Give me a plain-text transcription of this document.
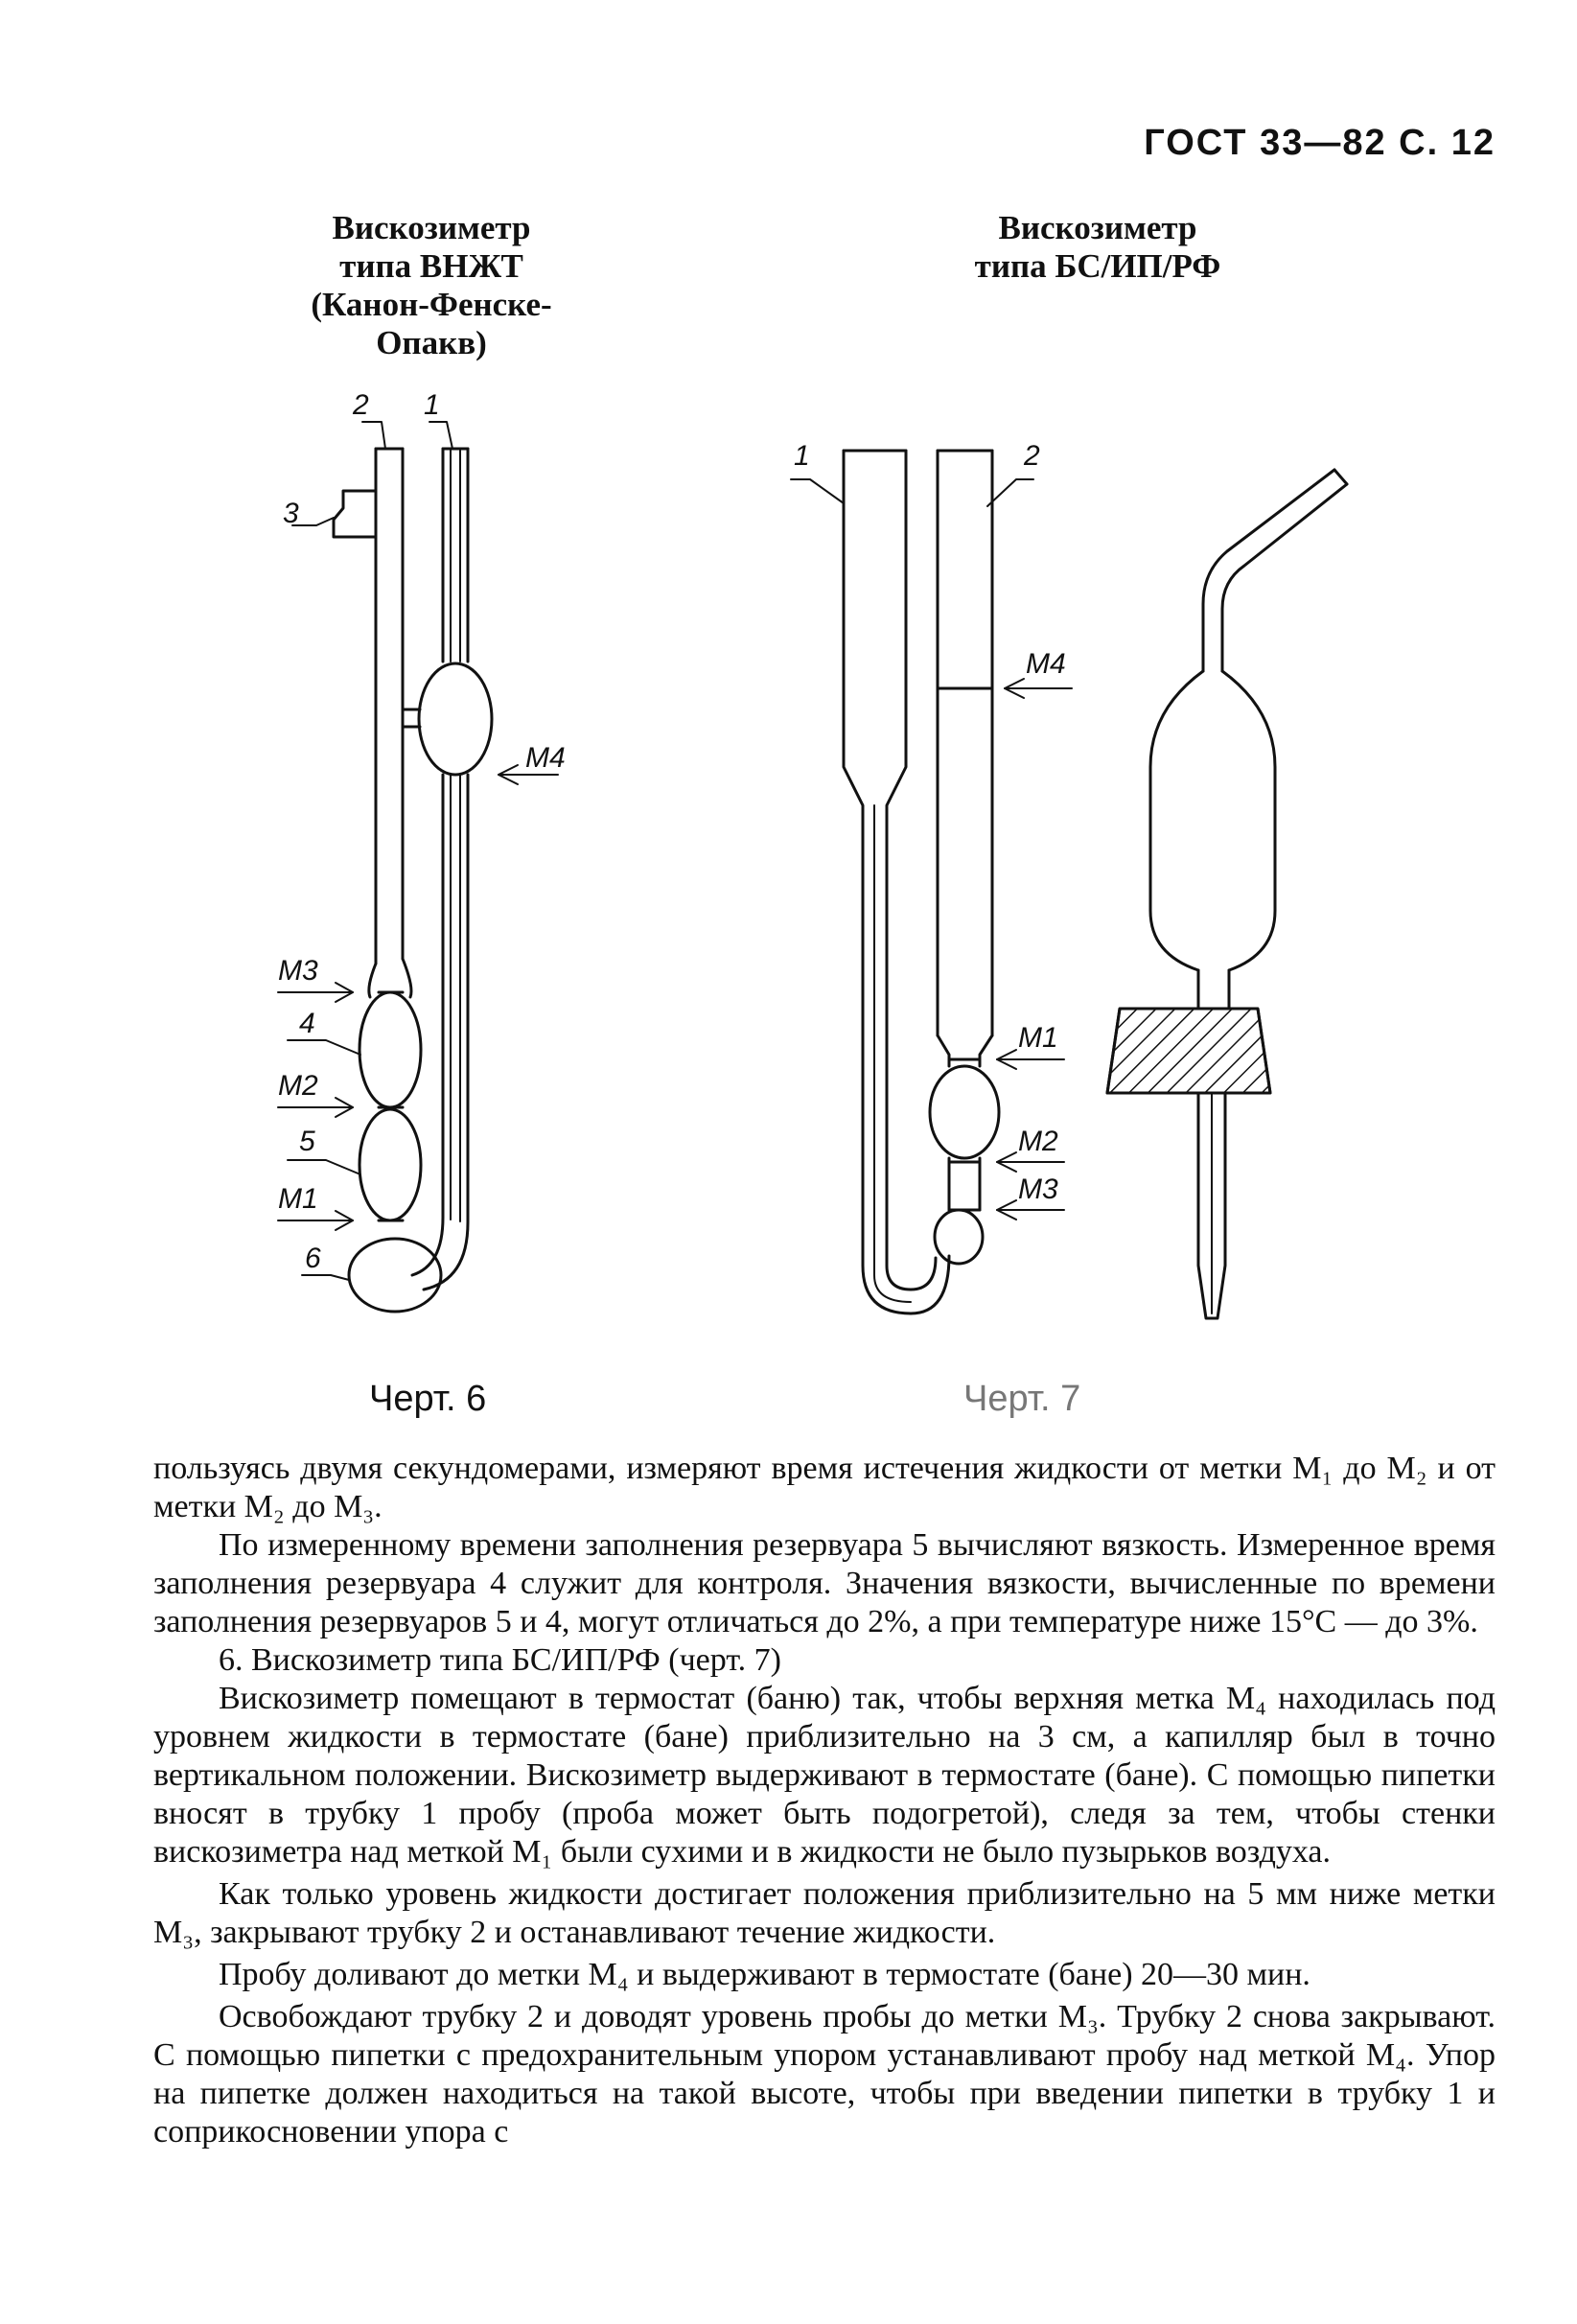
ГОСТ 33—82 С. 12
Вискозиметр
типа ВНЖТ
(Канон-Фенске-
Опакв)
Вискозиметр
типа БС/ИП/РФ
2 1
3
M4
M3
4
M2
5
M1
6
1	2
M4
M1
M2
M3
Черт. 6	Черт. 7

пользуясь двумя секундомерами, измеряют время истечения жидкости от метки M₁ до M₂ и от метки M₂ до M₃.

По измеренному времени заполнения резервуара 5 вычисляют вязкость. Измеренное время заполнения резервуара 4 служит для контроля. Значения вязкости, вычисленные по времени заполнения резервуаров 5 и 4, могут отличаться до 2%, а при температуре ниже 15°С — до 3%.

6. Вискозиметр типа БС/ИП/РФ (черт. 7)

Вискозиметр помещают в термостат (баню) так, чтобы верхняя метка M₄ находилась под уровнем жидкости в термостате (бане) приблизительно на 3 см, а капилляр был в точно вертикальном положении. Вискозиметр выдерживают в термостате (бане). С помощью пипетки вносят в трубку 1 пробу (проба может быть подогретой), следя за тем, чтобы стенки вискозиметра над меткой M₁ были сухими и в жидкости не было пузырьков воздуха.

Как только уровень жидкости достигает положения приблизительно на 5 мм ниже метки M₃, закрывают трубку 2 и останавливают течение жидкости.

Пробу доливают до метки M₄ и выдерживают в термостате (бане) 20—30 мин.

Освобождают трубку 2 и доводят уровень пробы до метки M₃. Трубку 2 снова закрывают. С помощью пипетки с предохранительным упором устанавливают пробу над меткой M₄. Упор на пипетке должен находиться на такой высоте, чтобы при введении пипетки в трубку 1 и соприкосновении упора с
